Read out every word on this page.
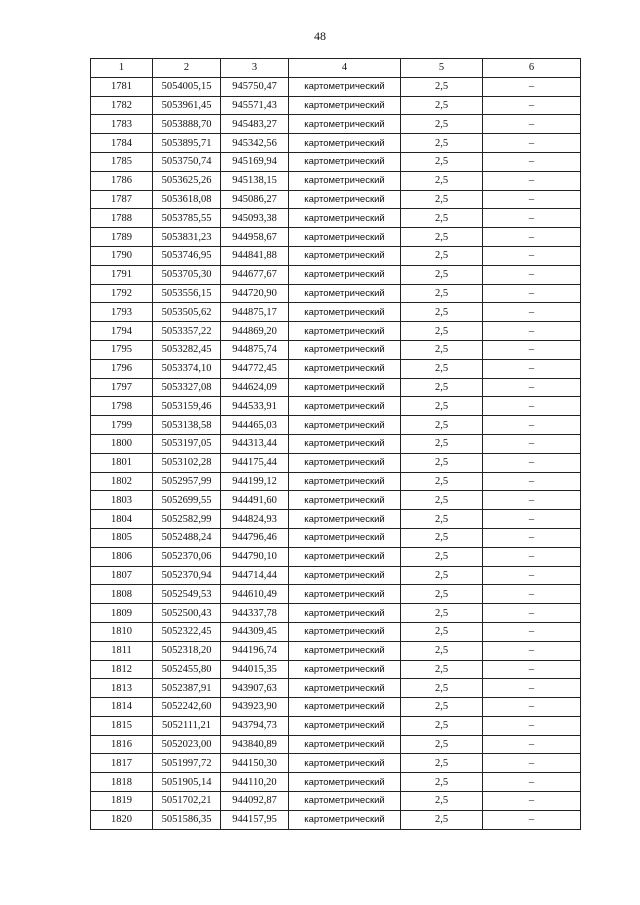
48
1	2	3	4	5	6
1781	5054005,15	945750,47	картометрический	2,5	–
1782	5053961,45	945571,43	картометрический	2,5	–
1783	5053888,70	945483,27	картометрический	2,5	–
1784	5053895,71	945342,56	картометрический	2,5	–
1785	5053750,74	945169,94	картометрический	2,5	–
1786	5053625,26	945138,15	картометрический	2,5	–
1787	5053618,08	945086,27	картометрический	2,5	–
1788	5053785,55	945093,38	картометрический	2,5	–
1789	5053831,23	944958,67	картометрический	2,5	–
1790	5053746,95	944841,88	картометрический	2,5	–
1791	5053705,30	944677,67	картометрический	2,5	–
1792	5053556,15	944720,90	картометрический	2,5	–
1793	5053505,62	944875,17	картометрический	2,5	–
1794	5053357,22	944869,20	картометрический	2,5	–
1795	5053282,45	944875,74	картометрический	2,5	–
1796	5053374,10	944772,45	картометрический	2,5	–
1797	5053327,08	944624,09	картометрический	2,5	–
1798	5053159,46	944533,91	картометрический	2,5	–
1799	5053138,58	944465,03	картометрический	2,5	–
1800	5053197,05	944313,44	картометрический	2,5	–
1801	5053102,28	944175,44	картометрический	2,5	–
1802	5052957,99	944199,12	картометрический	2,5	–
1803	5052699,55	944491,60	картометрический	2,5	–
1804	5052582,99	944824,93	картометрический	2,5	–
1805	5052488,24	944796,46	картометрический	2,5	–
1806	5052370,06	944790,10	картометрический	2,5	–
1807	5052370,94	944714,44	картометрический	2,5	–
1808	5052549,53	944610,49	картометрический	2,5	–
1809	5052500,43	944337,78	картометрический	2,5	–
1810	5052322,45	944309,45	картометрический	2,5	–
1811	5052318,20	944196,74	картометрический	2,5	–
1812	5052455,80	944015,35	картометрический	2,5	–
1813	5052387,91	943907,63	картометрический	2,5	–
1814	5052242,60	943923,90	картометрический	2,5	–
1815	5052111,21	943794,73	картометрический	2,5	–
1816	5052023,00	943840,89	картометрический	2,5	–
1817	5051997,72	944150,30	картометрический	2,5	–
1818	5051905,14	944110,20	картометрический	2,5	–
1819	5051702,21	944092,87	картометрический	2,5	–
1820	5051586,35	944157,95	картометрический	2,5	–
